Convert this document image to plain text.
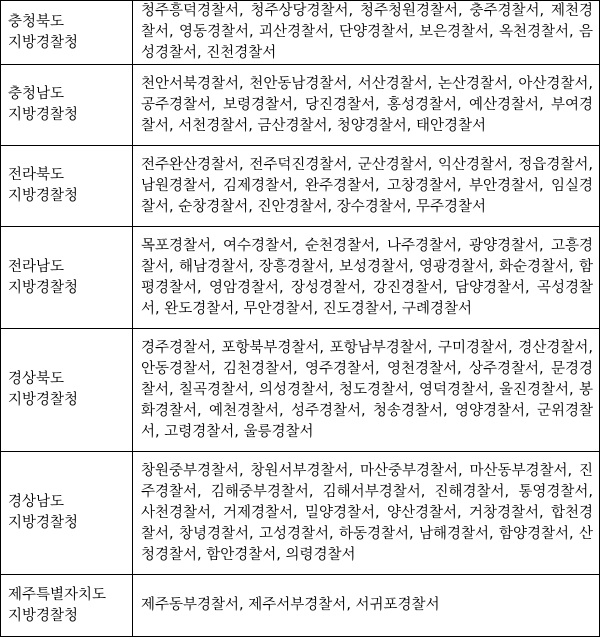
충청북도
지방경찰청	청주흥덕경찰서, 청주상당경찰서, 청주청원경찰서, 충주경찰서, 제천경찰서, 영동경찰서, 괴산경찰서, 단양경찰서, 보은경찰서, 옥천경찰서, 음성경찰서, 진천경찰서

충청남도
지방경찰청	천안서북경찰서, 천안동남경찰서, 서산경찰서, 논산경찰서, 아산경찰서, 공주경찰서, 보령경찰서, 당진경찰서, 홍성경찰서, 예산경찰서, 부여경찰서, 서천경찰서, 금산경찰서, 청양경찰서, 태안경찰서

전라북도
지방경찰청	전주완산경찰서, 전주덕진경찰서, 군산경찰서, 익산경찰서, 정읍경찰서, 남원경찰서, 김제경찰서, 완주경찰서, 고창경찰서, 부안경찰서, 임실경찰서, 순창경찰서, 진안경찰서, 장수경찰서, 무주경찰서

전라남도
지방경찰청	목포경찰서, 여수경찰서, 순천경찰서, 나주경찰서, 광양경찰서, 고흥경찰서, 해남경찰서, 장흥경찰서, 보성경찰서, 영광경찰서, 화순경찰서, 함평경찰서, 영암경찰서, 장성경찰서, 강진경찰서, 담양경찰서, 곡성경찰서, 완도경찰서, 무안경찰서, 진도경찰서, 구례경찰서

경상북도
지방경찰청	경주경찰서, 포항북부경찰서, 포항남부경찰서, 구미경찰서, 경산경찰서, 안동경찰서, 김천경찰서, 영주경찰서, 영천경찰서, 상주경찰서, 문경경찰서, 칠곡경찰서, 의성경찰서, 청도경찰서, 영덕경찰서, 울진경찰서, 봉화경찰서, 예천경찰서, 성주경찰서, 청송경찰서, 영양경찰서, 군위경찰서, 고령경찰서, 울릉경찰서

경상남도
지방경찰청	창원중부경찰서, 창원서부경찰서, 마산중부경찰서, 마산동부경찰서, 진주경찰서, 김해중부경찰서, 김해서부경찰서, 진해경찰서, 통영경찰서, 사천경찰서, 거제경찰서, 밀양경찰서, 양산경찰서, 거창경찰서, 합천경찰서, 창녕경찰서, 고성경찰서, 하동경찰서, 남해경찰서, 함양경찰서, 산청경찰서, 함안경찰서, 의령경찰서

제주특별자치도
지방경찰청	제주동부경찰서, 제주서부경찰서, 서귀포경찰서
